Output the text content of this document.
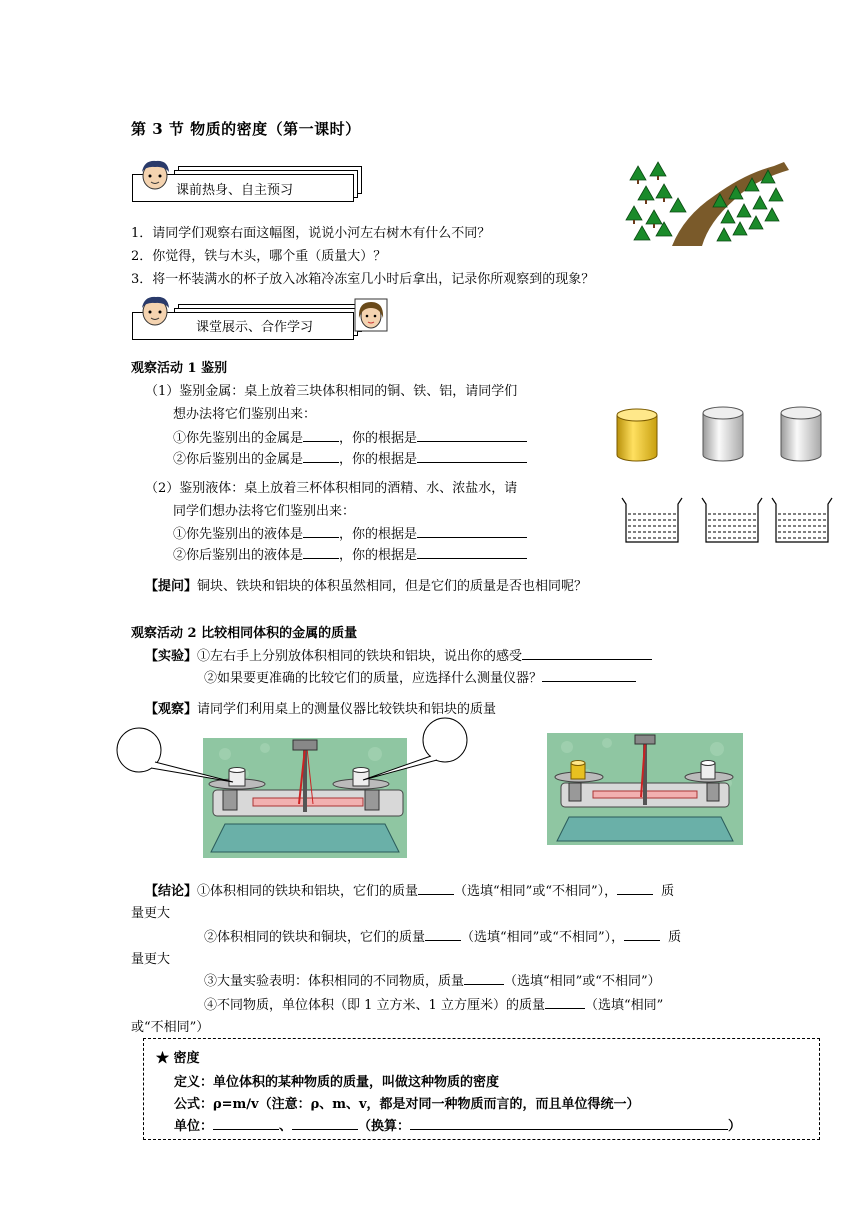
第 3 节 物质的密度（第一课时）
课前热身、自主预习
1．请同学们观察右面这幅图，说说小河左右树木有什么不同？
2．你觉得，铁与木头，哪个重（质量大）？
3．将一杯装满水的杯子放入冰箱冷冻室几小时后拿出，记录你所观察到的现象？
课堂展示、合作学习
观察活动 1 鉴别
（1）鉴别金属：桌上放着三块体积相同的铜、铁、铝，请同学们
想办法将它们鉴别出来：
①你先鉴别出的金属是	，你的根据是
②你后鉴别出的金属是	，你的根据是
（2）鉴别液体：桌上放着三杯体积相同的酒精、水、浓盐水，请
同学们想办法将它们鉴别出来：
①你先鉴别出的液体是	，你的根据是
②你后鉴别出的液体是	，你的根据是
【提问】铜块、铁块和铝块的体积虽然相同，但是它们的质量是否也相同呢？
观察活动 2 比较相同体积的金属的质量
【实验】①左右手上分别放体积相同的铁块和铝块，说出你的感受
②如果要更准确的比较它们的质量，应选择什么测量仪器？
【观察】请同学们利用桌上的测量仪器比较铁块和铝块的质量
【结论】①体积相同的铁块和铝块，它们的质量	（选填“相同”或“不相同”），	质
量更大
②体积相同的铁块和铜块，它们的质量	（选填“相同”或“不相同”），	质
量更大
③大量实验表明：体积相同的不同物质，质量	（选填“相同”或“不相同”）
④不同物质，单位体积（即 1 立方米、1 立方厘米）的质量	（选填“相同”
或“不相同”）
★ 密度
定义：单位体积的某种物质的质量，叫做这种物质的密度
公式：ρ=m/v（注意：ρ、m、v，都是对同一种物质而言的，而且单位得统一）
单位：	、	（换算：	）
